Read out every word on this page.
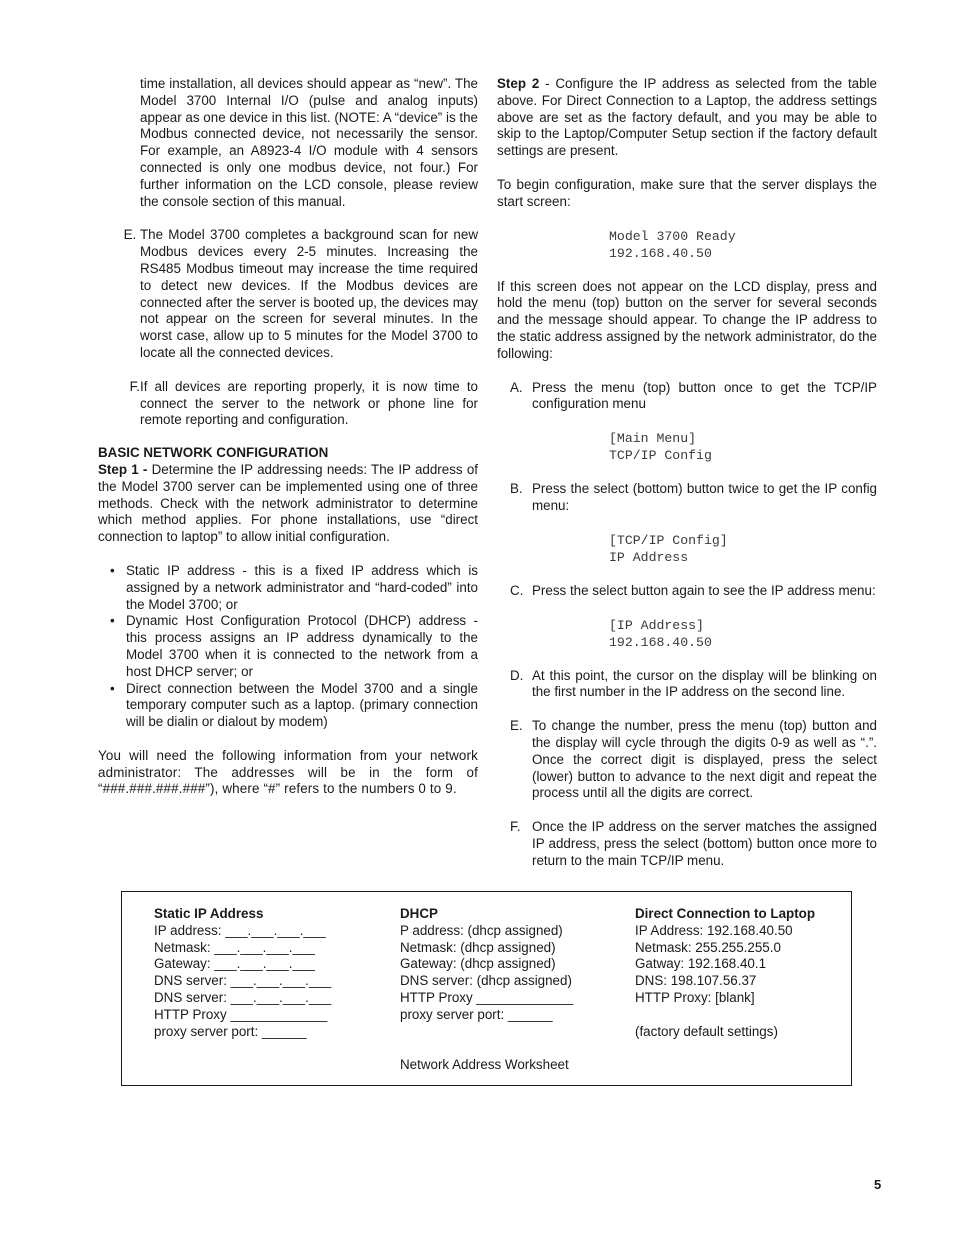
time installation, all devices should appear as “new”. The Model 3700 Internal I/O (pulse and analog inputs) appear as one device in this list. (NOTE: A “device” is the Modbus connected device, not necessarily the sensor. For example, an A8923-4 I/O module with 4 sensors connected is only one modbus device, not four.) For further information on the LCD console, please review the console section of this manual.

E. The Model 3700 completes a background scan for new Modbus devices every 2-5 minutes. Increasing the RS485 Modbus timeout may increase the time required to detect new devices. If the Modbus devices are connected after the server is booted up, the devices may not appear on the screen for several minutes. In the worst case, allow up to 5 minutes for the Model 3700 to locate all the connected devices.
F. If all devices are reporting properly, it is now time to connect the server to the network or phone line for remote reporting and configuration.
BASIC NETWORK CONFIGURATION

Step 1 - Determine the IP addressing needs: The IP address of the Model 3700 server can be implemented using one of three methods. Check with the network administrator to determine which method applies. For phone installations, use “direct connection to laptop” to allow initial configuration.

• Static IP address - this is a fixed IP address which is assigned by a network administrator and “hard-coded” into the Model 3700; or
• Dynamic Host Configuration Protocol (DHCP) address - this process assigns an IP address dynamically to the Model 3700 when it is connected to the network from a host DHCP server; or
• Direct connection between the Model 3700 and a single temporary computer such as a laptop. (primary connection will be dialin or dialout by modem)

You will need the following information from your network administrator: The addresses will be in the form of “###.###.###.###”), where “#” refers to the numbers 0 to 9.

Step 2 - Configure the IP address as selected from the table above. For Direct Connection to a Laptop, the address settings above are set as the factory default, and you may be able to skip to the Laptop/Computer Setup section if the factory default settings are present.

To begin configuration, make sure that the server displays the start screen:

Model 3700 Ready
192.168.40.50

If this screen does not appear on the LCD display, press and hold the menu (top) button on the server for several seconds and the message should appear. To change the IP address to the static address assigned by the network administrator, do the following:

A. Press the menu (top) button once to get the TCP/IP configuration menu
[Main Menu]
TCP/IP Config
B. Press the select (bottom) button twice to get the IP config menu:
[TCP/IP Config]
IP Address
C. Press the select button again to see the IP address menu:
[IP Address]
192.168.40.50
D. At this point, the cursor on the display will be blinking on the first number in the IP address on the second line.
E. To change the number, press the menu (top) button and the display will cycle through the digits 0-9 as well as “.”. Once the correct digit is displayed, press the select (lower) button to advance to the next digit and repeat the process until all the digits are correct.
F. Once the IP address on the server matches the assigned IP address, press the select (bottom) button once more to return to the main TCP/IP menu.
Static IP Address
IP address: ___.___.___.___
Netmask: ___.___.___.___
Gateway: ___.___.___.___
DNS server: ___.___.___.___
DNS server: ___.___.___.___
HTTP Proxy _____________
proxy server port: ______
DHCP
P address: (dhcp assigned)
Netmask: (dhcp assigned)
Gateway: (dhcp assigned)
DNS server: (dhcp assigned)
HTTP Proxy _____________
proxy server port: ______
Direct Connection to Laptop
IP Address: 192.168.40.50
Netmask: 255.255.255.0
Gatway: 192.168.40.1
DNS: 198.107.56.37
HTTP Proxy: [blank]
(factory default settings)
Network Address Worksheet
5
